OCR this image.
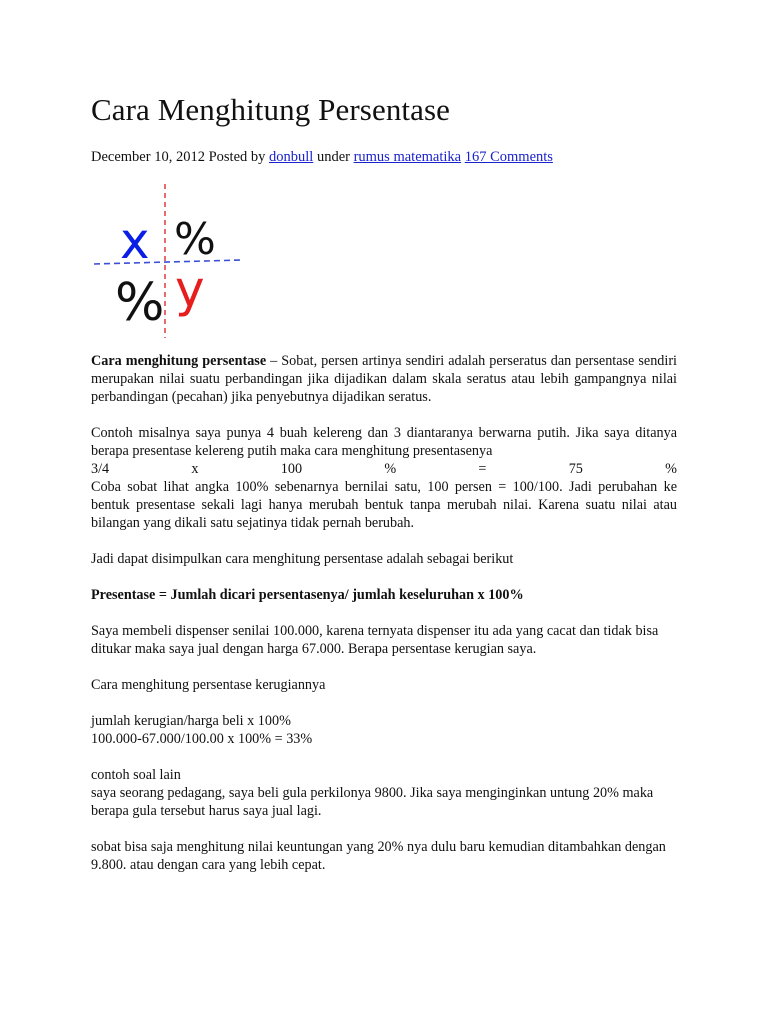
Cara Menghitung Persentase
December 10, 2012 Posted by donbull under rumus matematika 167 Comments
x %
% y

Cara menghitung persentase – Sobat, persen artinya sendiri adalah perseratus dan persentase sendiri merupakan nilai suatu perbandingan jika dijadikan dalam skala seratus atau lebih gampangnya nilai perbandingan (pecahan) jika penyebutnya dijadikan seratus.

Contoh misalnya saya punya 4 buah kelereng dan 3 diantaranya berwarna putih. Jika saya ditanya berapa presentase kelereng putih maka cara menghitung presentasenya
3/4	x	100	%	=	75	%
Coba sobat lihat angka 100% sebenarnya bernilai satu, 100 persen = 100/100. Jadi perubahan ke bentuk presentase sekali lagi hanya merubah bentuk tanpa merubah nilai. Karena suatu nilai atau bilangan yang dikali satu sejatinya tidak pernah berubah.

Jadi dapat disimpulkan cara menghitung persentase adalah sebagai berikut

Presentase = Jumlah dicari persentasenya/ jumlah keseluruhan x 100%

Saya membeli dispenser senilai 100.000, karena ternyata dispenser itu ada yang cacat dan tidak bisa ditukar maka saya jual dengan harga 67.000. Berapa persentase kerugian saya.

Cara menghitung persentase kerugiannya

jumlah kerugian/harga beli x 100%
100.000-67.000/100.00 x 100% = 33%

contoh soal lain
saya seorang pedagang, saya beli gula perkilonya 9800. Jika saya menginginkan untung 20% maka berapa gula tersebut harus saya jual lagi.

sobat bisa saja menghitung nilai keuntungan yang 20% nya dulu baru kemudian ditambahkan dengan 9.800. atau dengan cara yang lebih cepat.
